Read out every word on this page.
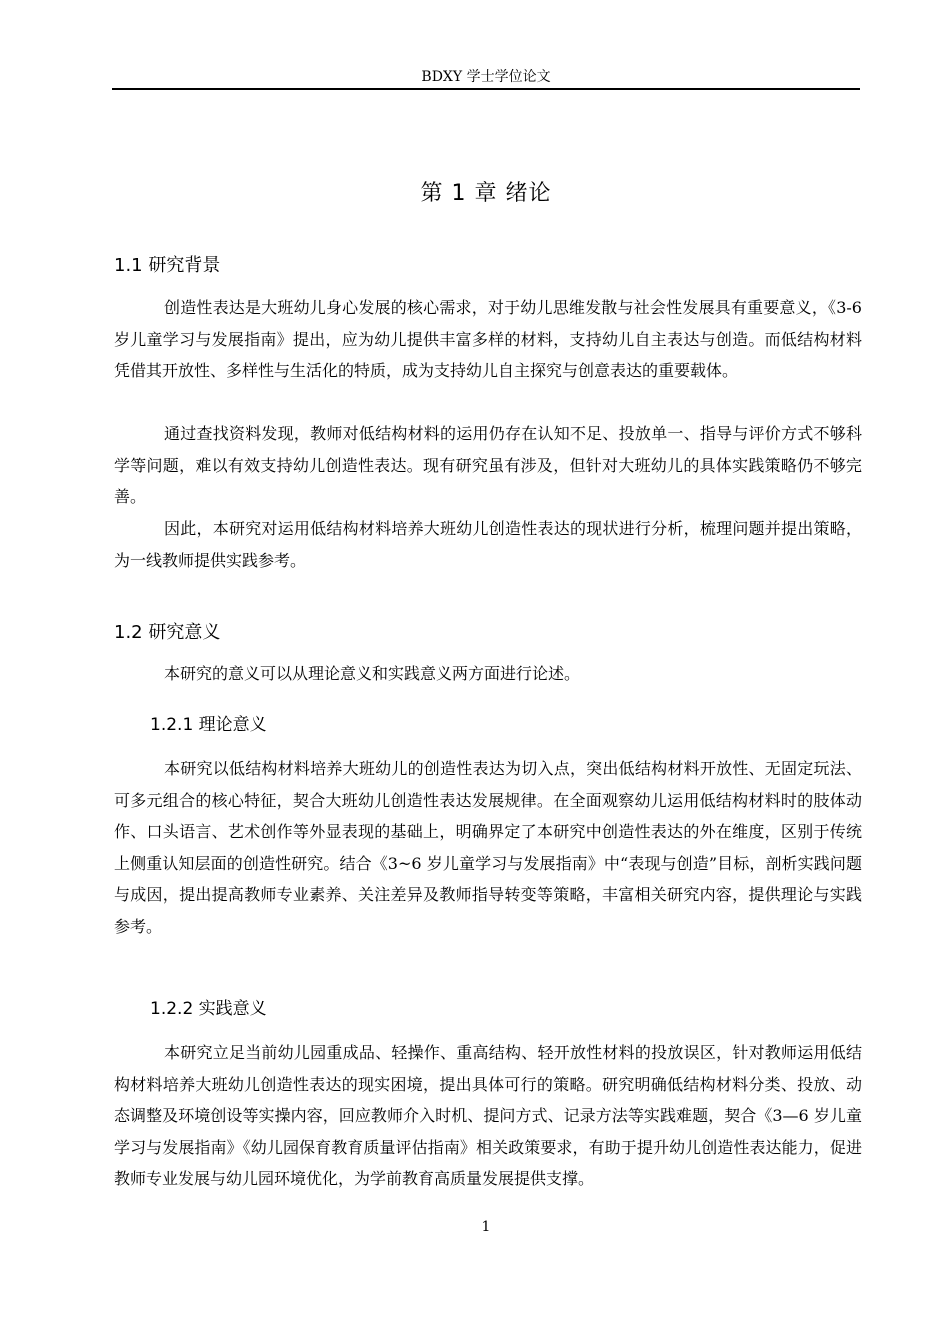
BDXY 学士学位论文
第 1 章 绪论
1.1 研究背景

创造性表达是大班幼儿身心发展的核心需求，对于幼儿思维发散与社会性发展具有重要意义，《3-6 岁儿童学习与发展指南》提出，应为幼儿提供丰富多样的材料，支持幼儿自主表达与创造。而低结构材料凭借其开放性、多样性与生活化的特质，成为支持幼儿自主探究与创意表达的重要载体。

通过查找资料发现，教师对低结构材料的运用仍存在认知不足、投放单一、指导与评价方式不够科学等问题，难以有效支持幼儿创造性表达。现有研究虽有涉及，但针对大班幼儿的具体实践策略仍不够完善。

因此，本研究对运用低结构材料培养大班幼儿创造性表达的现状进行分析，梳理问题并提出策略，为一线教师提供实践参考。

1.2 研究意义

本研究的意义可以从理论意义和实践意义两方面进行论述。

1.2.1 理论意义

本研究以低结构材料培养大班幼儿的创造性表达为切入点，突出低结构材料开放性、无固定玩法、可多元组合的核心特征，契合大班幼儿创造性表达发展规律。在全面观察幼儿运用低结构材料时的肢体动作、口头语言、艺术创作等外显表现的基础上，明确界定了本研究中创造性表达的外在维度，区别于传统上侧重认知层面的创造性研究。结合《3~6 岁儿童学习与发展指南》中“表现与创造”目标，剖析实践问题与成因，提出提高教师专业素养、关注差异及教师指导转变等策略，丰富相关研究内容，提供理论与实践参考。

1.2.2 实践意义

本研究立足当前幼儿园重成品、轻操作、重高结构、轻开放性材料的投放误区，针对教师运用低结构材料培养大班幼儿创造性表达的现实困境，提出具体可行的策略。研究明确低结构材料分类、投放、动态调整及环境创设等实操内容，回应教师介入时机、提问方式、记录方法等实践难题，契合《3—6 岁儿童学习与发展指南》《幼儿园保育教育质量评估指南》相关政策要求，有助于提升幼儿创造性表达能力，促进教师专业发展与幼儿园环境优化，为学前教育高质量发展提供支撑。

1
